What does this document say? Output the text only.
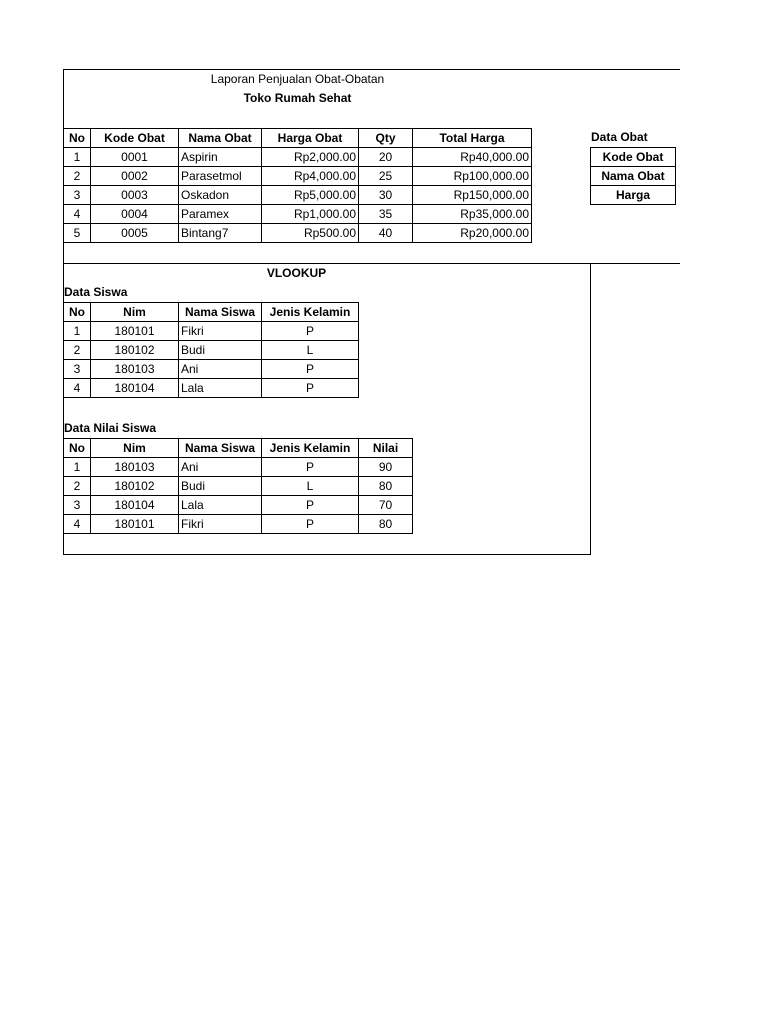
Laporan Penjualan Obat-Obatan
Toko Rumah Sehat
No	Kode Obat	Nama Obat	Harga Obat	Qty	Total Harga
1	0001	Aspirin	Rp2,000.00	20	Rp40,000.00
2	0002	Parasetmol	Rp4,000.00	25	Rp100,000.00
3	0003	Oskadon	Rp5,000.00	30	Rp150,000.00
4	0004	Paramex	Rp1,000.00	35	Rp35,000.00
5	0005	Bintang7	Rp500.00	40	Rp20,000.00
Data Obat
Kode Obat
Nama Obat
Harga
VLOOKUP
Data Siswa
No	Nim	Nama Siswa	Jenis Kelamin
1	180101	Fikri	P
2	180102	Budi	L
3	180103	Ani	P
4	180104	Lala	P
Data Nilai Siswa
No	Nim	Nama Siswa	Jenis Kelamin	Nilai
1	180103	Ani	P	90
2	180102	Budi	L	80
3	180104	Lala	P	70
4	180101	Fikri	P	80
